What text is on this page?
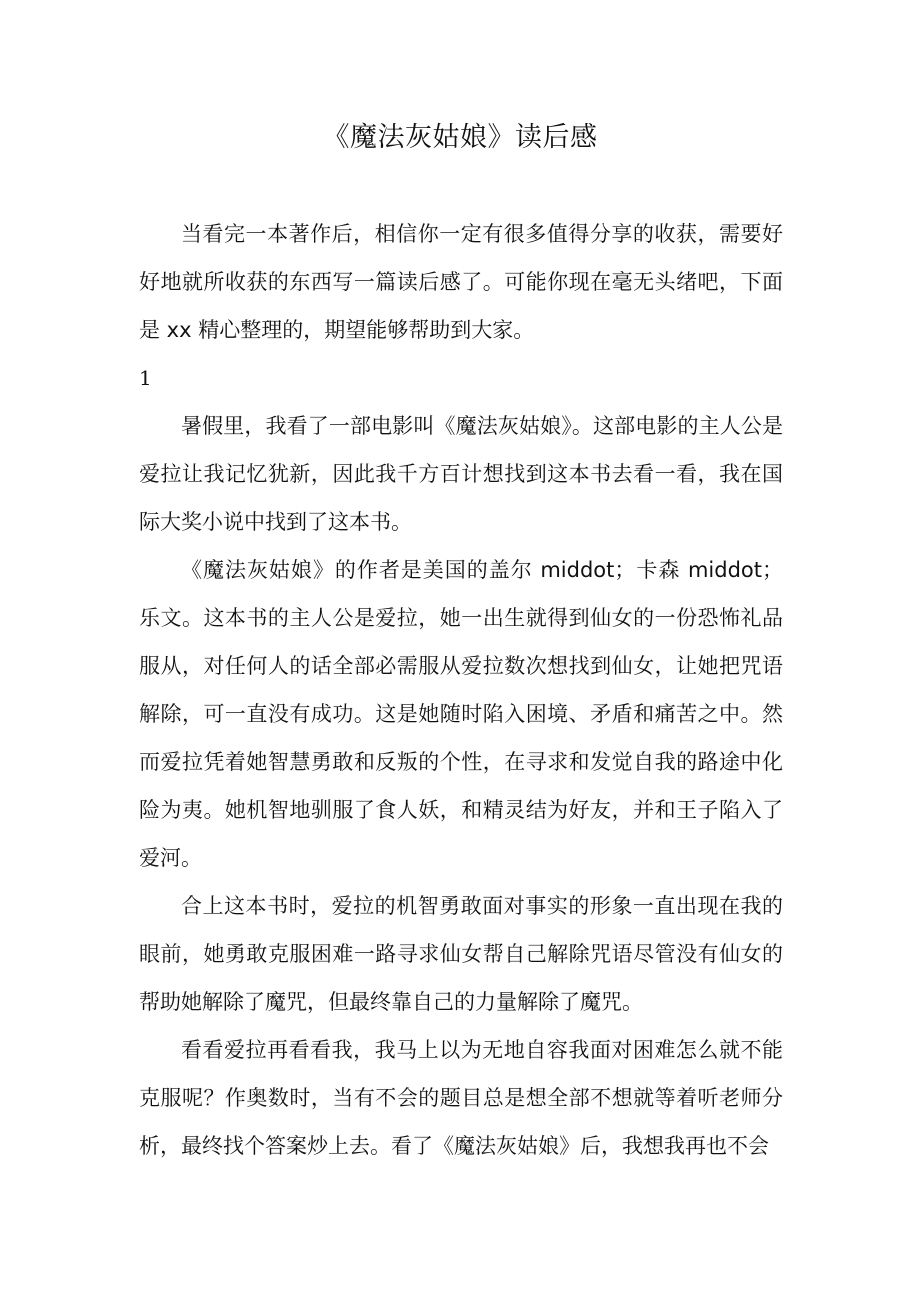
《魔法灰姑娘》读后感

当看完一本著作后，相信你一定有很多值得分享的收获，需要好好地就所收获的东西写一篇读后感了。可能你现在毫无头绪吧，下面是 xx 精心整理的，期望能够帮助到大家。

1

暑假里，我看了一部电影叫《魔法灰姑娘》。这部电影的主人公是爱拉让我记忆犹新，因此我千方百计想找到这本书去看一看，我在国际大奖小说中找到了这本书。

《魔法灰姑娘》的作者是美国的盖尔 middot；卡森 middot；乐文。这本书的主人公是爱拉，她一出生就得到仙女的一份恐怖礼品服从，对任何人的话全部必需服从爱拉数次想找到仙女，让她把咒语解除，可一直没有成功。这是她随时陷入困境、矛盾和痛苦之中。然而爱拉凭着她智慧勇敢和反叛的个性，在寻求和发觉自我的路途中化险为夷。她机智地驯服了食人妖，和精灵结为好友，并和王子陷入了爱河。

合上这本书时，爱拉的机智勇敢面对事实的形象一直出现在我的眼前，她勇敢克服困难一路寻求仙女帮自己解除咒语尽管没有仙女的帮助她解除了魔咒，但最终靠自己的力量解除了魔咒。

看看爱拉再看看我，我马上以为无地自容我面对困难怎么就不能克服呢？作奥数时，当有不会的题目总是想全部不想就等着听老师分析，最终找个答案炒上去。看了《魔法灰姑娘》后，我想我再也不会
